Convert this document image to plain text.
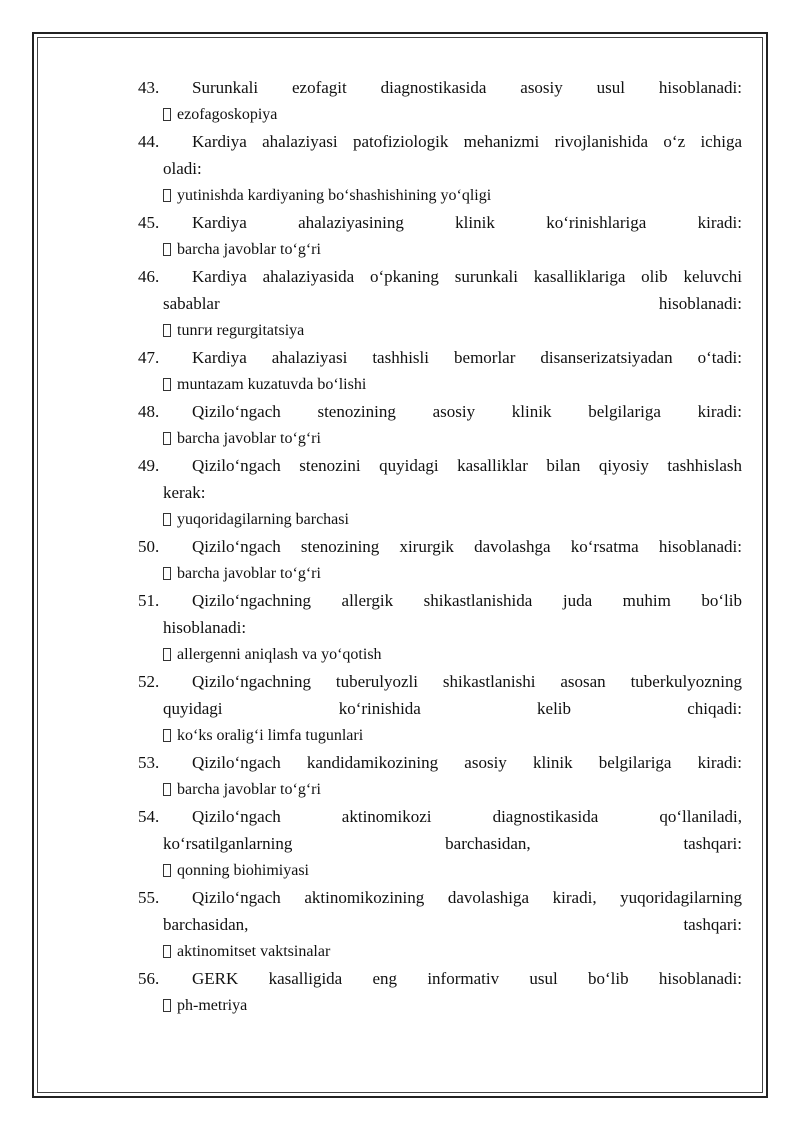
43.	Surunkali ezofagit diagnostikasida asosiy usul hisoblanadi:
ezofagoskopiya
44.	Kardiya ahalaziyasi patofiziologik mehanizmi rivojlanishida o‘z ichiga
oladi:
yutinishda kardiyaning bo‘shashishining yo‘qligi
45.	Kardiya ahalaziyasining klinik ko‘rinishlariga kiradi:
barcha javoblar to‘g‘ri
46.	Kardiya ahalaziyasida o‘pkaning surunkali kasalliklariga olib keluvchi
sabablar hisoblanadi:
tunги regurgitatsiya
47.	Kardiya ahalaziyasi tashhisli bemorlar disanserizatsiyadan o‘tadi:
muntazam kuzatuvda bo‘lishi
48.	Qizilo‘ngach stenozining asosiy klinik belgilariga kiradi:
barcha javoblar to‘g‘ri
49.	Qizilo‘ngach stenozini quyidagi kasalliklar bilan qiyosiy tashhislash
kerak:
yuqoridagilarning barchasi
50.	Qizilo‘ngach stenozining xirurgik davolashga ko‘rsatma hisoblanadi:
barcha javoblar to‘g‘ri
51.	Qizilo‘ngachning allergik shikastlanishida juda muhim bo‘lib
hisoblanadi:
allergenni aniqlash va yo‘qotish
52.	Qizilo‘ngachning tuberulyozli shikastlanishi asosan tuberkulyozning
quyidagi ko‘rinishida kelib chiqadi:
ko‘ks oralig‘i limfa tugunlari
53.	Qizilo‘ngach kandidamikozining asosiy klinik belgilariga kiradi:
barcha javoblar to‘g‘ri
54.	Qizilo‘ngach aktinomikozi diagnostikasida qo‘llaniladi,
ko‘rsatilganlarning barchasidan, tashqari:
qonning biohimiyasi
55.	Qizilo‘ngach aktinomikozining davolashiga kiradi, yuqoridagilarning
barchasidan, tashqari:
aktinomitset vaktsinalar
56.	GERK kasalligida eng informativ usul bo‘lib hisoblanadi:
ph-metriya
